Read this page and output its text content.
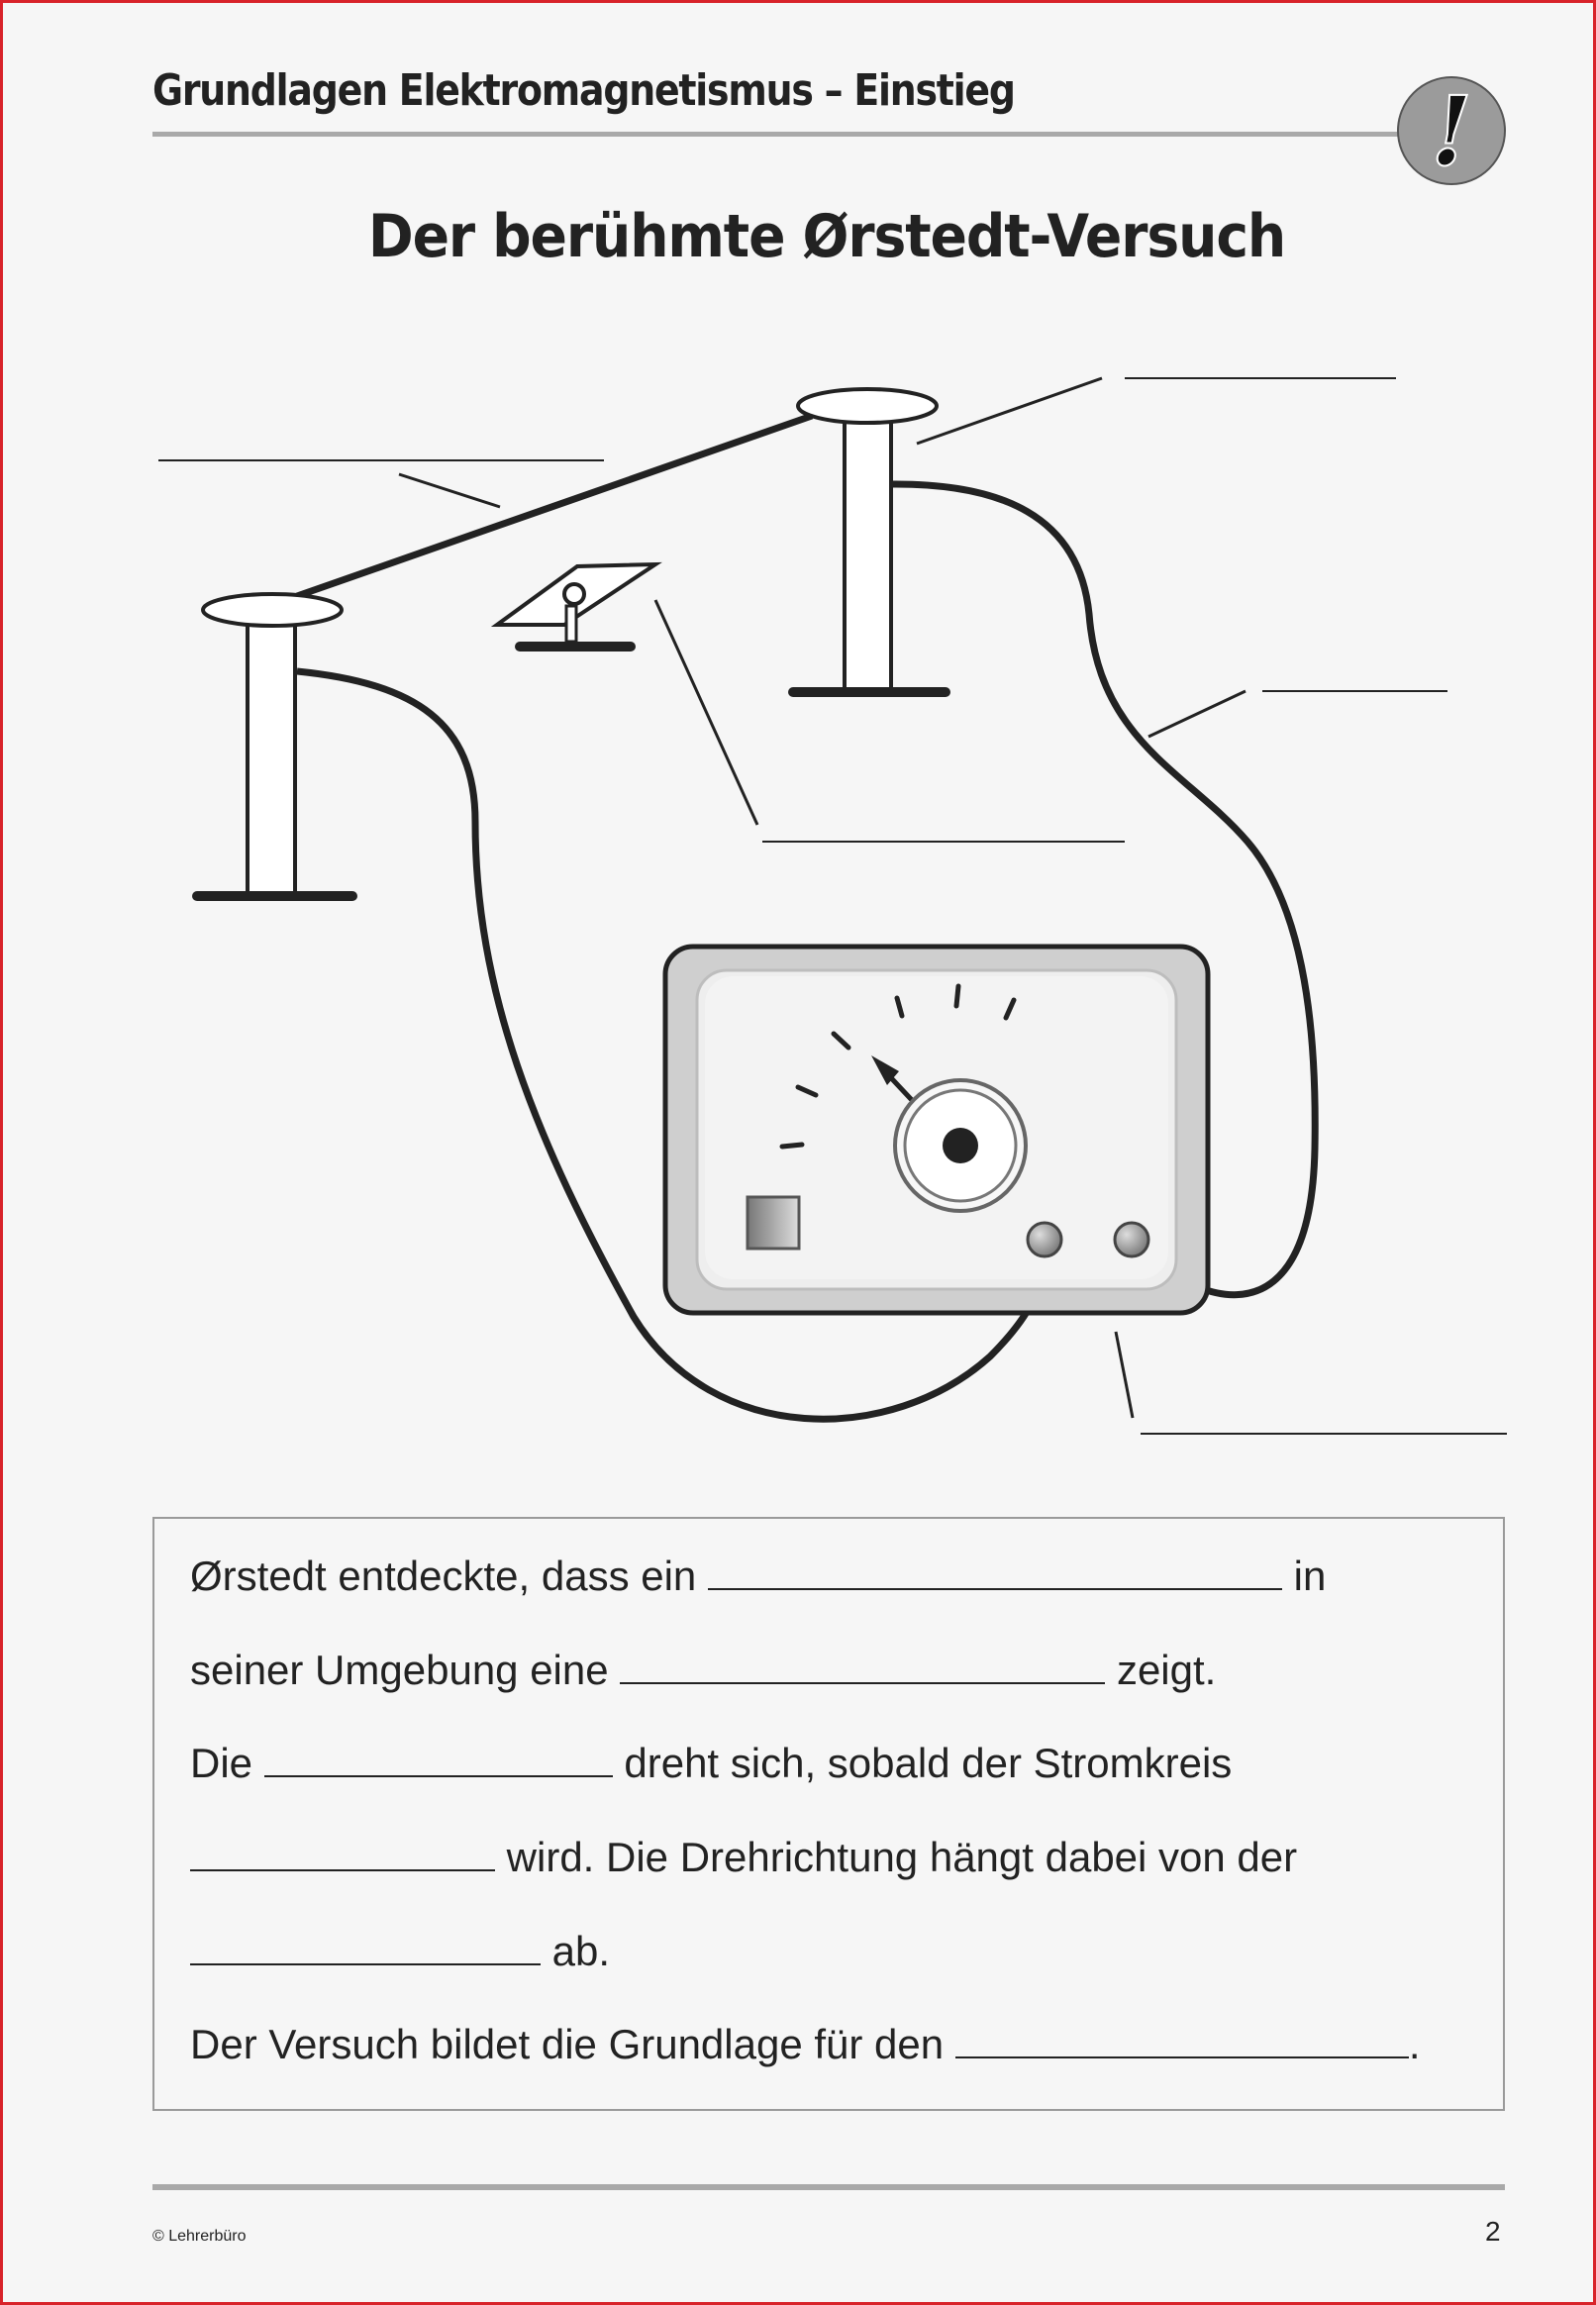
Grundlagen Elektromagnetismus – Einstieg	!
Der berühmte Ørstedt-Versuch
Ørstedt entdeckte, dass ein	in
seiner Umgebung eine	zeigt.
Die	dreht sich, sobald der Stromkreis
wird. Die Drehrichtung hängt dabei von der
ab.
Der Versuch bildet die Grundlage für den	.
© Lehrerbüro	2
